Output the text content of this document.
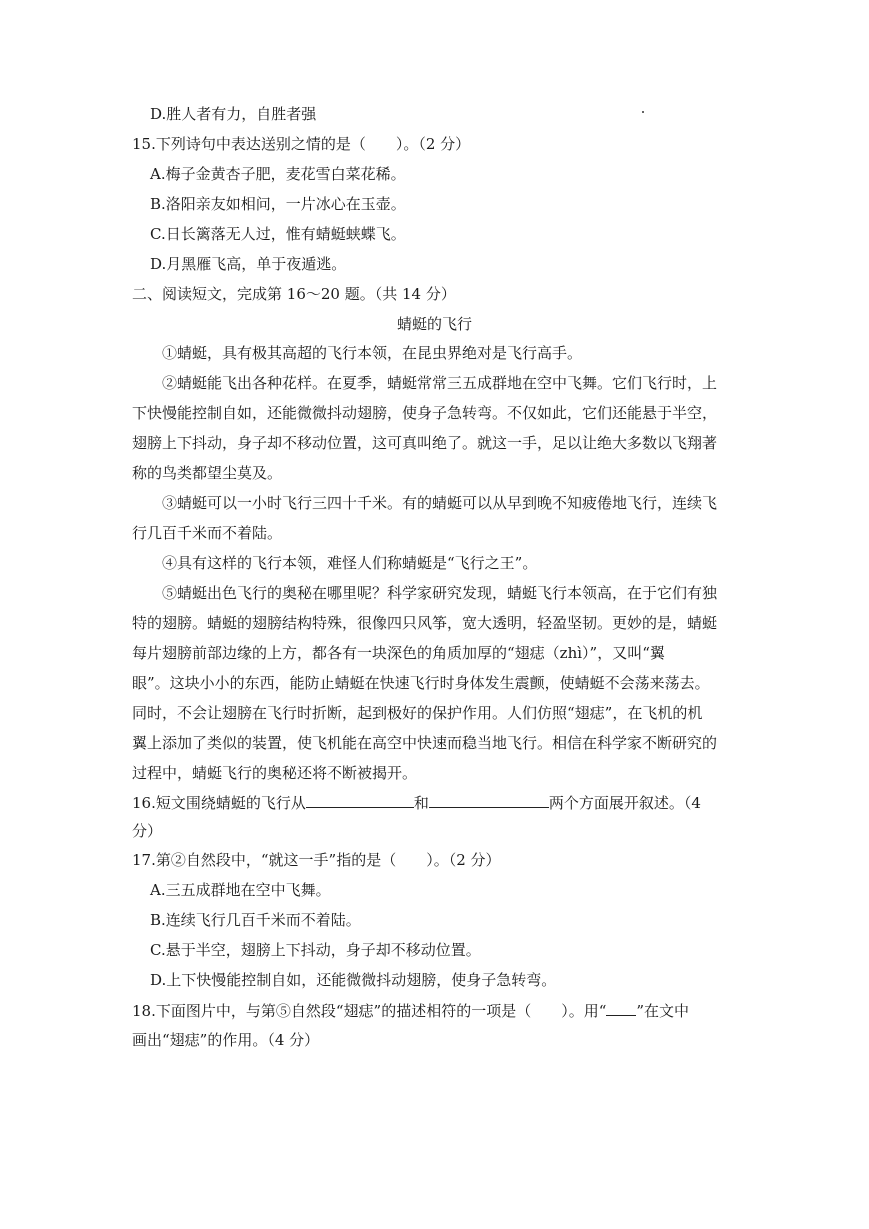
D.胜人者有力，自胜者强
15.下列诗句中表达送别之情的是（　　）。（2 分）
A.梅子金黄杏子肥，麦花雪白菜花稀。
B.洛阳亲友如相问，一片冰心在玉壶。
C.日长篱落无人过，惟有蜻蜓蛱蝶飞。
D.月黑雁飞高，单于夜遁逃。
二、阅读短文，完成第 16～20 题。（共 14 分）
蜻蜓的飞行
①蜻蜓，具有极其高超的飞行本领，在昆虫界绝对是飞行高手。
②蜻蜓能飞出各种花样。在夏季，蜻蜓常常三五成群地在空中飞舞。它们飞行时，上
下快慢能控制自如，还能微微抖动翅膀，使身子急转弯。不仅如此，它们还能悬于半空，
翅膀上下抖动，身子却不移动位置，这可真叫绝了。就这一手，足以让绝大多数以飞翔著
称的鸟类都望尘莫及。
③蜻蜓可以一小时飞行三四十千米。有的蜻蜓可以从早到晚不知疲倦地飞行，连续飞
行几百千米而不着陆。
④具有这样的飞行本领，难怪人们称蜻蜓是“飞行之王”。
⑤蜻蜓出色飞行的奥秘在哪里呢？科学家研究发现，蜻蜓飞行本领高，在于它们有独
特的翅膀。蜻蜓的翅膀结构特殊，很像四只风筝，宽大透明，轻盈坚韧。更妙的是，蜻蜓
每片翅膀前部边缘的上方，都各有一块深色的角质加厚的“翅痣（zhì）”，又叫“翼
眼”。这块小小的东西，能防止蜻蜓在快速飞行时身体发生震颤，使蜻蜓不会荡来荡去。
同时，不会让翅膀在飞行时折断，起到极好的保护作用。人们仿照“翅痣”，在飞机的机
翼上添加了类似的装置，使飞机能在高空中快速而稳当地飞行。相信在科学家不断研究的
过程中，蜻蜓飞行的奥秘还将不断被揭开。
16.短文围绕蜻蜓的飞行从	和	两个方面展开叙述。（4
分）
17.第②自然段中，“就这一手”指的是（　　）。（2 分）
A.三五成群地在空中飞舞。
B.连续飞行几百千米而不着陆。
C.悬于半空，翅膀上下抖动，身子却不移动位置。
D.上下快慢能控制自如，还能微微抖动翅膀，使身子急转弯。
18.下面图片中，与第⑤自然段“翅痣”的描述相符的一项是（　　）。用“ ”在文中
画出“翅痣”的作用。（4 分）
